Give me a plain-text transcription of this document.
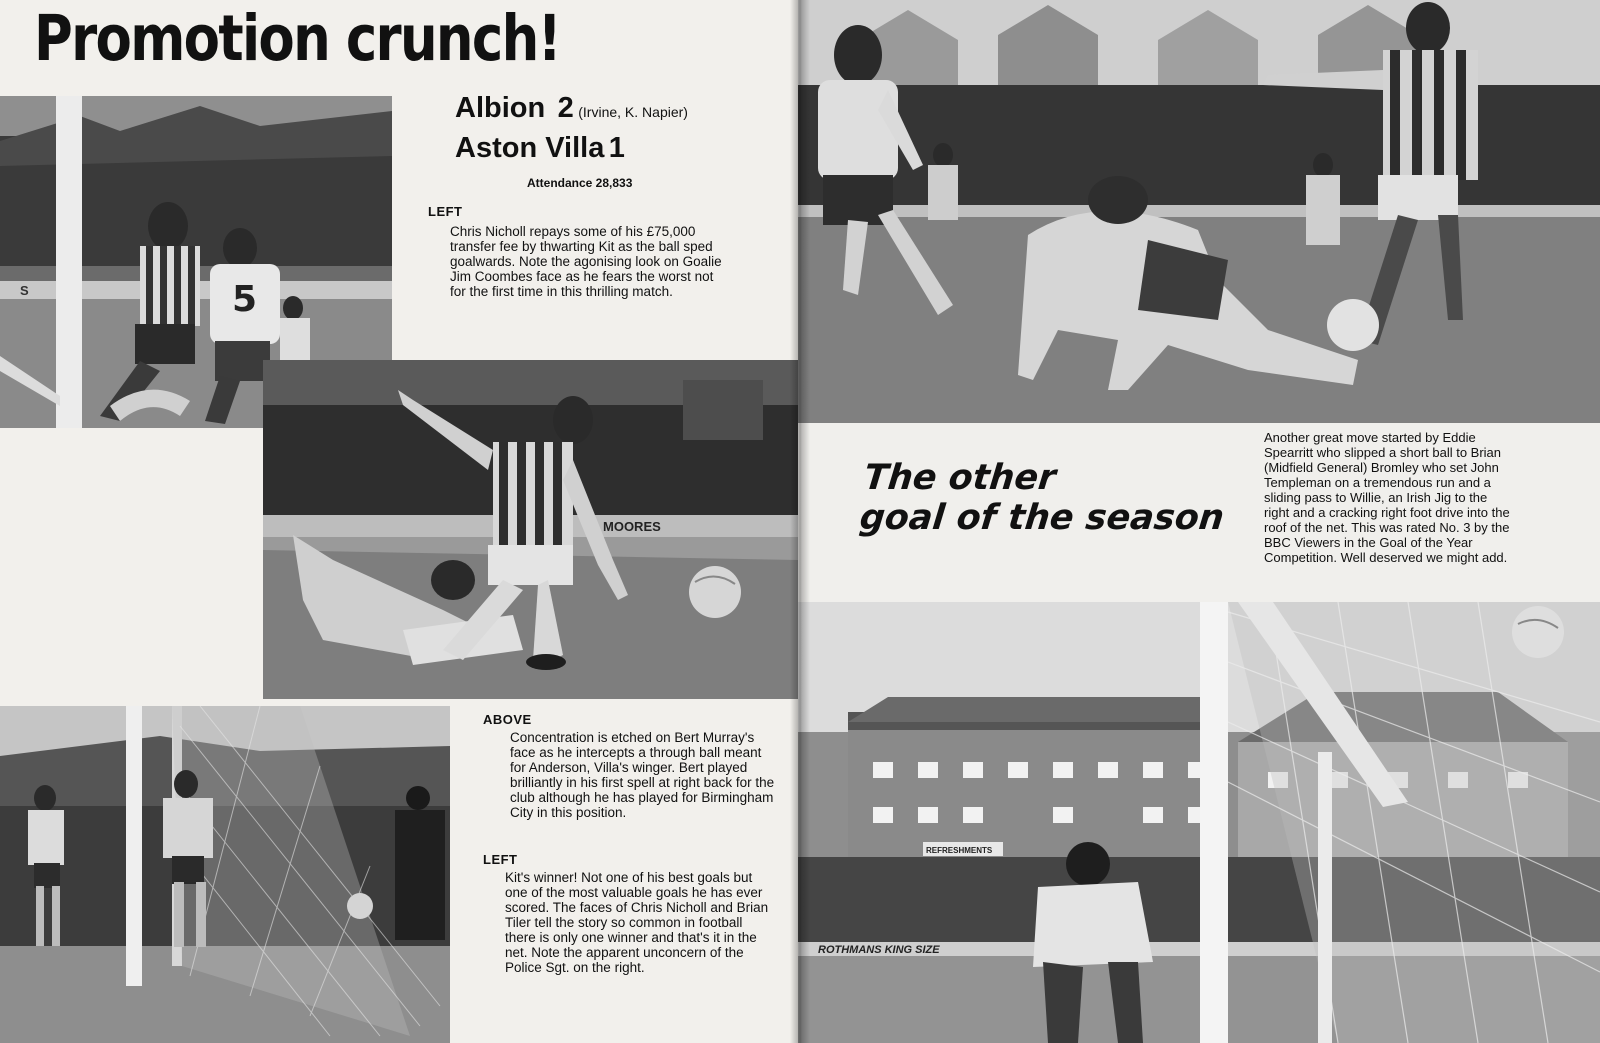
Promotion crunch!
S	5
Albion 2 (Irvine, K. Napier)
Aston Villa 1
Attendance 28,833
LEFT
Chris Nicholl repays some of his £75,000 transfer fee by thwarting Kit as the ball sped goalwards. Note the agonising look on Goalie Jim Coombes face as he fears the worst not for the first time in this thrilling match.
MOORES
ABOVE
Concentration is etched on Bert Murray's face as he intercepts a through ball meant for Anderson, Villa's winger. Bert played brilliantly in his first spell at right back for the club although he has played for Birmingham City in this position.
LEFT
Kit's winner! Not one of his best goals but one of the most valuable goals he has ever scored. The faces of Chris Nicholl and Brian Tiler tell the story so common in football there is only one winner and that's it in the net. Note the apparent unconcern of the Police Sgt. on the right.
The other
goal of the season
Another great move started by Eddie Spearritt who slipped a short ball to Brian (Midfield General) Bromley who set John Templeman on a tremendous run and a sliding pass to Willie, an Irish Jig to the right and a cracking right foot drive into the roof of the net. This was rated No. 3 by the BBC Viewers in the Goal of the Year Competition. Well deserved we might add.
ROTHMANS KING SIZE
REFRESHMENTS
